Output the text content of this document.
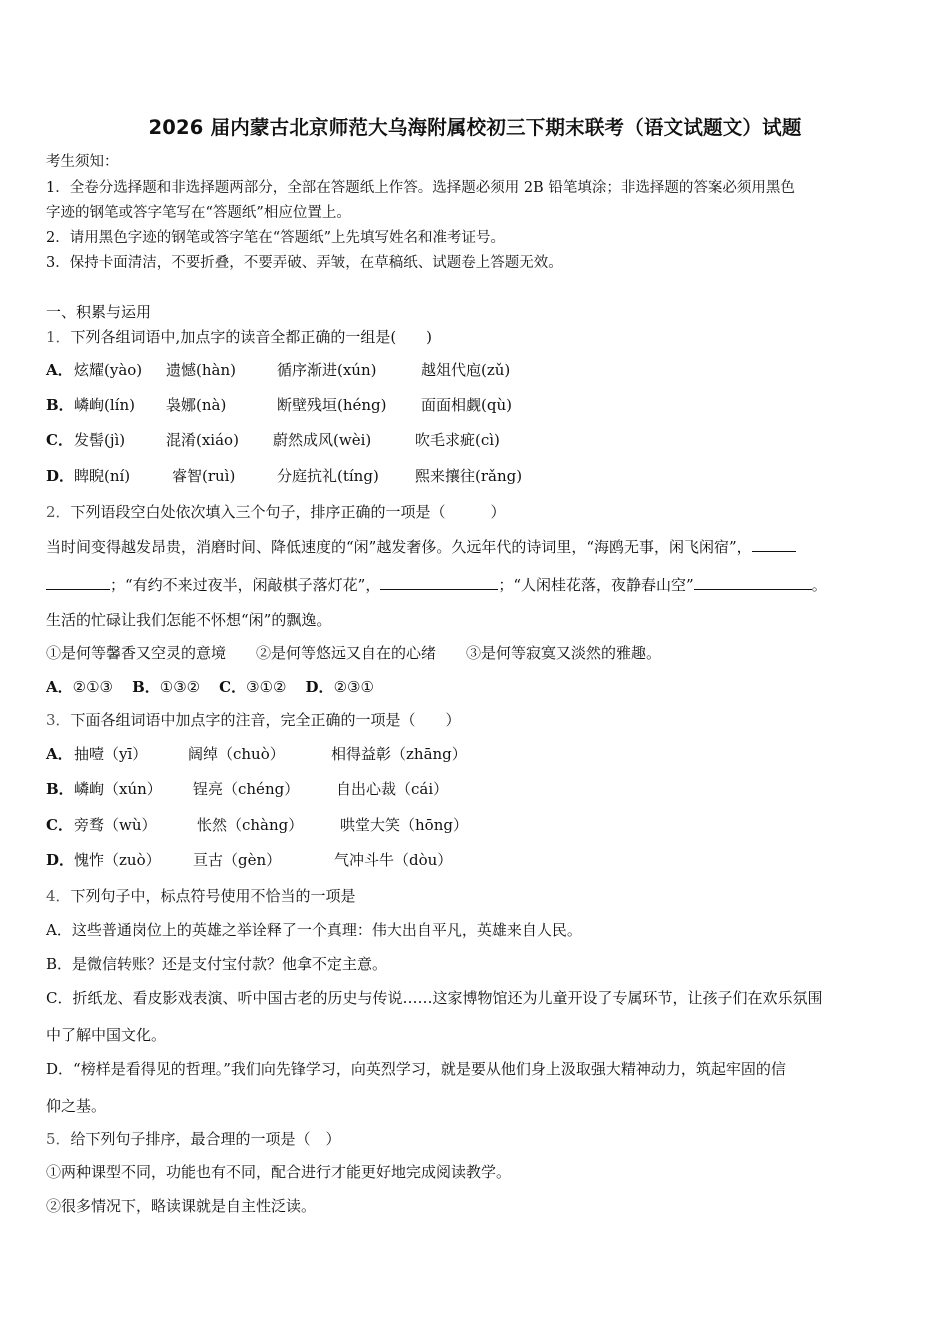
2026 届内蒙古北京师范大乌海附属校初三下期末联考（语文试题文）试题
考生须知：
1．全卷分选择题和非选择题两部分，全部在答题纸上作答。选择题必须用 2B 铅笔填涂；非选择题的答案必须用黑色
字迹的钢笔或答字笔写在“答题纸”相应位置上。
2．请用黑色字迹的钢笔或答字笔在“答题纸”上先填写姓名和准考证号。
3．保持卡面清洁，不要折叠，不要弄破、弄皱，在草稿纸、试题卷上答题无效。
一、积累与运用
1．下列各组词语中,加点字的读音全都正确的一组是(　　)
A． 炫耀(yào) 遗憾(hàn)	循序渐进(xún)	越俎代庖(zǔ)
B． 嶙峋(lín) 袅娜(nà)	断壁残垣(héng) 面面相觑(qù)
C． 发髻(jì)	混淆(xiáo) 蔚然成风(wèi)	吹毛求疵(cì)
D． 睥睨(ní)	睿智(ruì)	分庭抗礼(tíng) 熙来攘往(rǎng)
2．下列语段空白处依次填入三个句子，排序正确的一项是（　　　）
当时间变得越发昂贵，消磨时间、降低速度的“闲”越发奢侈。久远年代的诗词里，“海鸥无事，闲飞闲宿”，
；“有约不来过夜半，闲敲棋子落灯花”，	；“人闲桂花落，夜静春山空”	。
生活的忙碌让我们怎能不怀想“闲”的飘逸。
①是何等馨香又空灵的意境　　②是何等悠远又自在的心绪　　③是何等寂寞又淡然的雅趣。
A．②①③ B．①③② C．③①② D．②③①
3．下面各组词语中加点字的注音，完全正确的一项是（　　）
A． 抽噎（yī）	阔绰（chuò）	相得益彰（zhāng）
B． 嶙峋（xún） 锃亮（chéng） 自出心裁（cái）
C． 旁骛（wù）	怅然（chàng） 哄堂大笑（hōng）
D． 愧怍（zuò） 亘古（gèn）	气冲斗牛（dòu）
4．下列句子中，标点符号使用不恰当的一项是
A．这些普通岗位上的英雄之举诠释了一个真理：伟大出自平凡，英雄来自人民。
B．是微信转账？还是支付宝付款？他拿不定主意。
C．折纸龙、看皮影戏表演、听中国古老的历史与传说……这家博物馆还为儿童开设了专属环节，让孩子们在欢乐氛围
中了解中国文化。
D．“榜样是看得见的哲理。”我们向先锋学习，向英烈学习，就是要从他们身上汲取强大精神动力，筑起牢固的信
仰之基。
5．给下列句子排序，最合理的一项是（　）
①两种课型不同，功能也有不同，配合进行才能更好地完成阅读教学。
②很多情况下，略读课就是自主性泛读。
